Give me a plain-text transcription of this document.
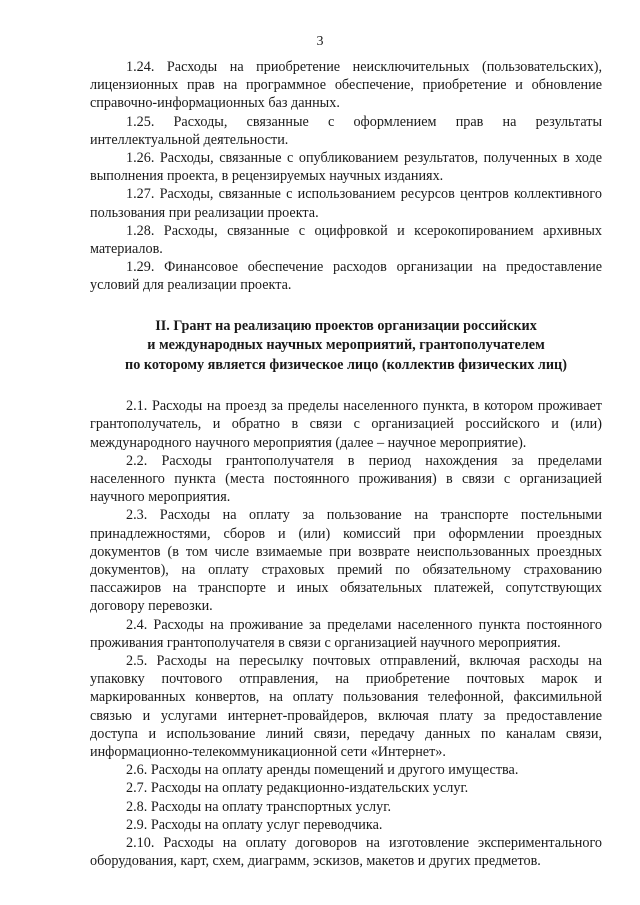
3

1.24. Расходы на приобретение неисключительных (пользовательских), лицензионных прав на программное обеспечение, приобретение и обновление справочно-информационных баз данных.

1.25. Расходы, связанные с оформлением прав на результаты интеллектуальной деятельности.

1.26. Расходы, связанные с опубликованием результатов, полученных в ходе выполнения проекта, в рецензируемых научных изданиях.

1.27. Расходы, связанные с использованием ресурсов центров коллективного пользования при реализации проекта.

1.28. Расходы, связанные с оцифровкой и ксерокопированием архивных материалов.

1.29. Финансовое обеспечение расходов организации на предоставление условий для реализации проекта.

II. Грант на реализацию проектов организации российских
и международных научных мероприятий, грантополучателем
по которому является физическое лицо (коллектив физических лиц)

2.1. Расходы на проезд за пределы населенного пункта, в котором проживает грантополучатель, и обратно в связи с организацией российского и (или) международного научного мероприятия (далее – научное мероприятие).

2.2. Расходы грантополучателя в период нахождения за пределами населенного пункта (места постоянного проживания) в связи с организацией научного мероприятия.

2.3. Расходы на оплату за пользование на транспорте постельными принадлежностями, сборов и (или) комиссий при оформлении проездных документов (в том числе взимаемые при возврате неиспользованных проездных документов), на оплату страховых премий по обязательному страхованию пассажиров на транспорте и иных обязательных платежей, сопутствующих договору перевозки.

2.4. Расходы на проживание за пределами населенного пункта постоянного проживания грантополучателя в связи с организацией научного мероприятия.

2.5. Расходы на пересылку почтовых отправлений, включая расходы на упаковку почтового отправления, на приобретение почтовых марок и маркированных конвертов, на оплату пользования телефонной, факсимильной связью и услугами интернет-провайдеров, включая плату за предоставление доступа и использование линий связи, передачу данных по каналам связи, информационно-телекоммуникационной сети «Интернет».

2.6. Расходы на оплату аренды помещений и другого имущества.

2.7. Расходы на оплату редакционно-издательских услуг.

2.8. Расходы на оплату транспортных услуг.

2.9. Расходы на оплату услуг переводчика.

2.10. Расходы на оплату договоров на изготовление экспериментального оборудования, карт, схем, диаграмм, эскизов, макетов и других предметов.
